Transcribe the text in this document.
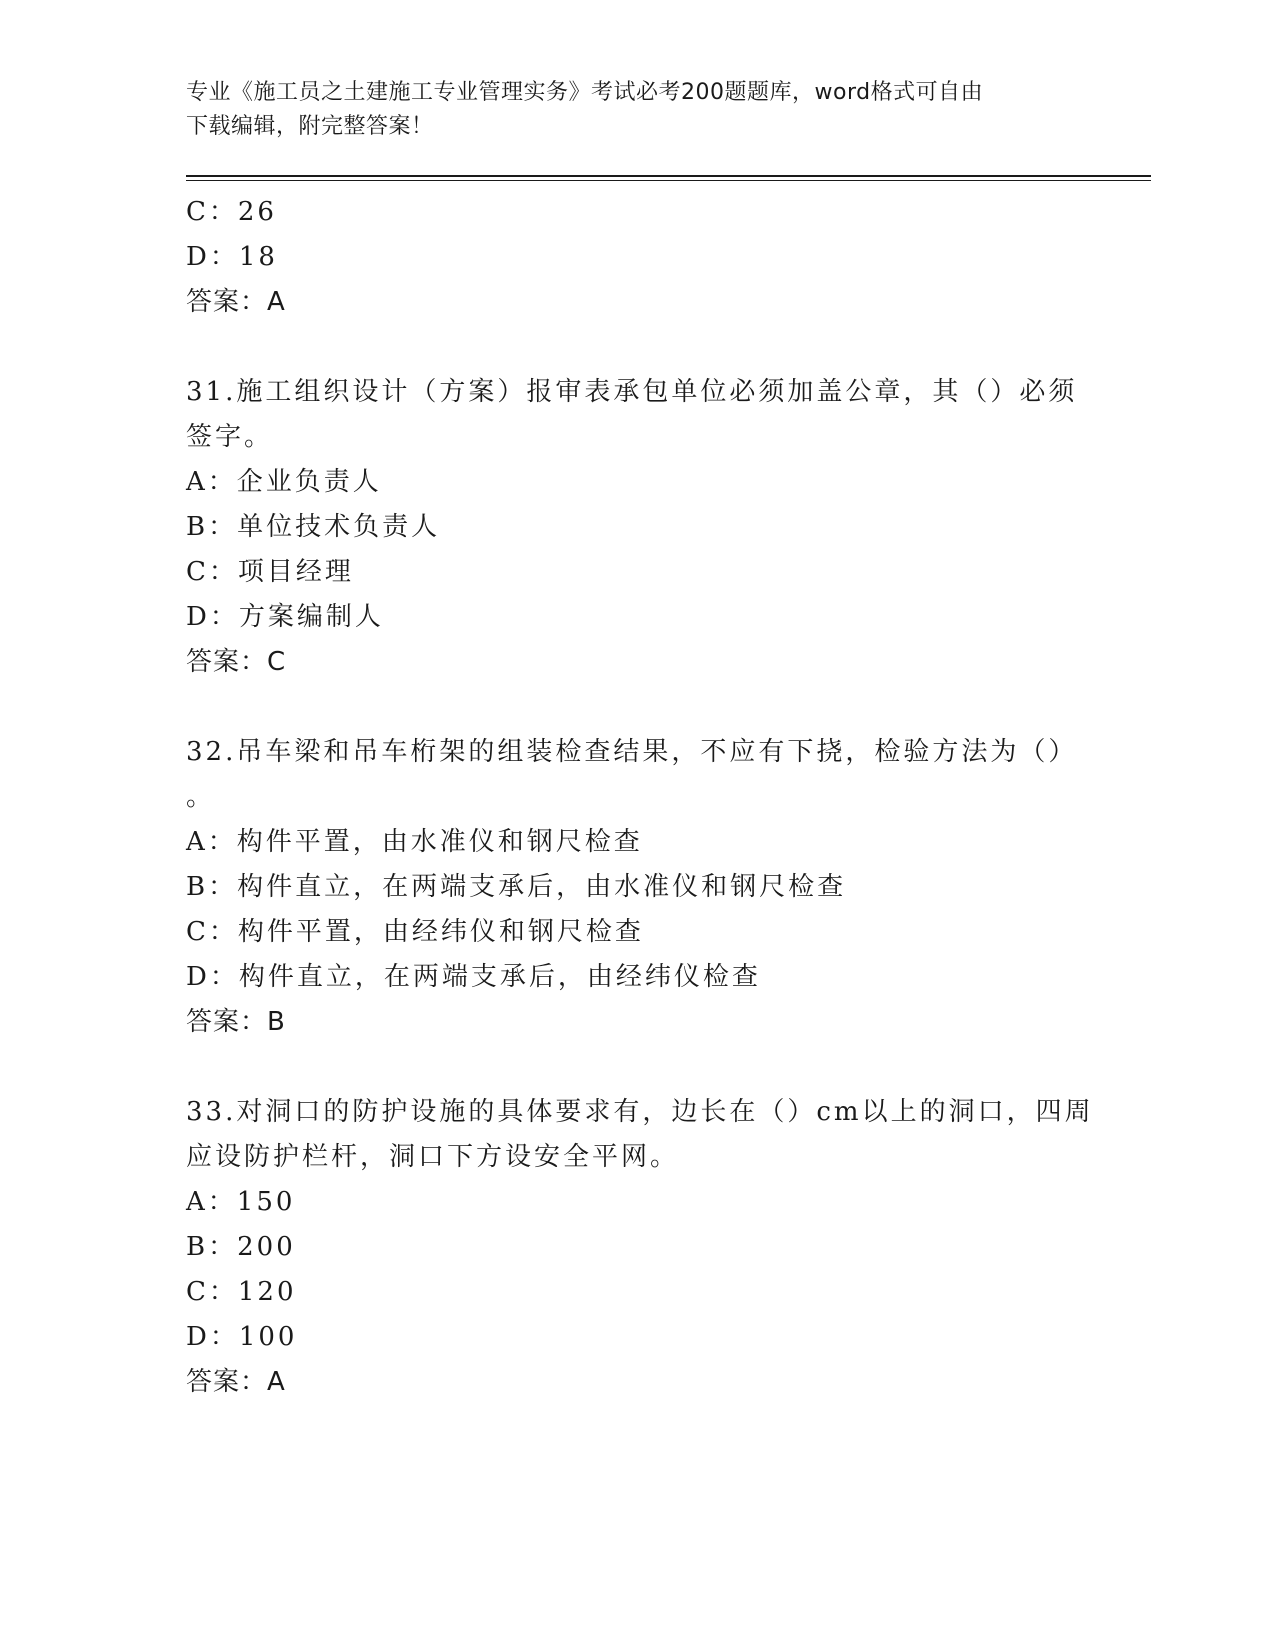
专业《施工员之土建施工专业管理实务》考试必考200题题库，word格式可自由
下载编辑，附完整答案！
C：26
D：18
答案：A
31.施工组织设计（方案）报审表承包单位必须加盖公章，其（）必须
签字。
A：企业负责人
B：单位技术负责人
C：项目经理
D：方案编制人
答案：C
32.吊车梁和吊车桁架的组装检查结果，不应有下挠，检验方法为（）
。
A：构件平置，由水准仪和钢尺检查
B：构件直立，在两端支承后，由水准仪和钢尺检查
C：构件平置，由经纬仪和钢尺检查
D：构件直立，在两端支承后，由经纬仪检查
答案：B
33.对洞口的防护设施的具体要求有，边长在（）cm以上的洞口，四周
应设防护栏杆，洞口下方设安全平网。
A：150
B：200
C：120
D：100
答案：A
